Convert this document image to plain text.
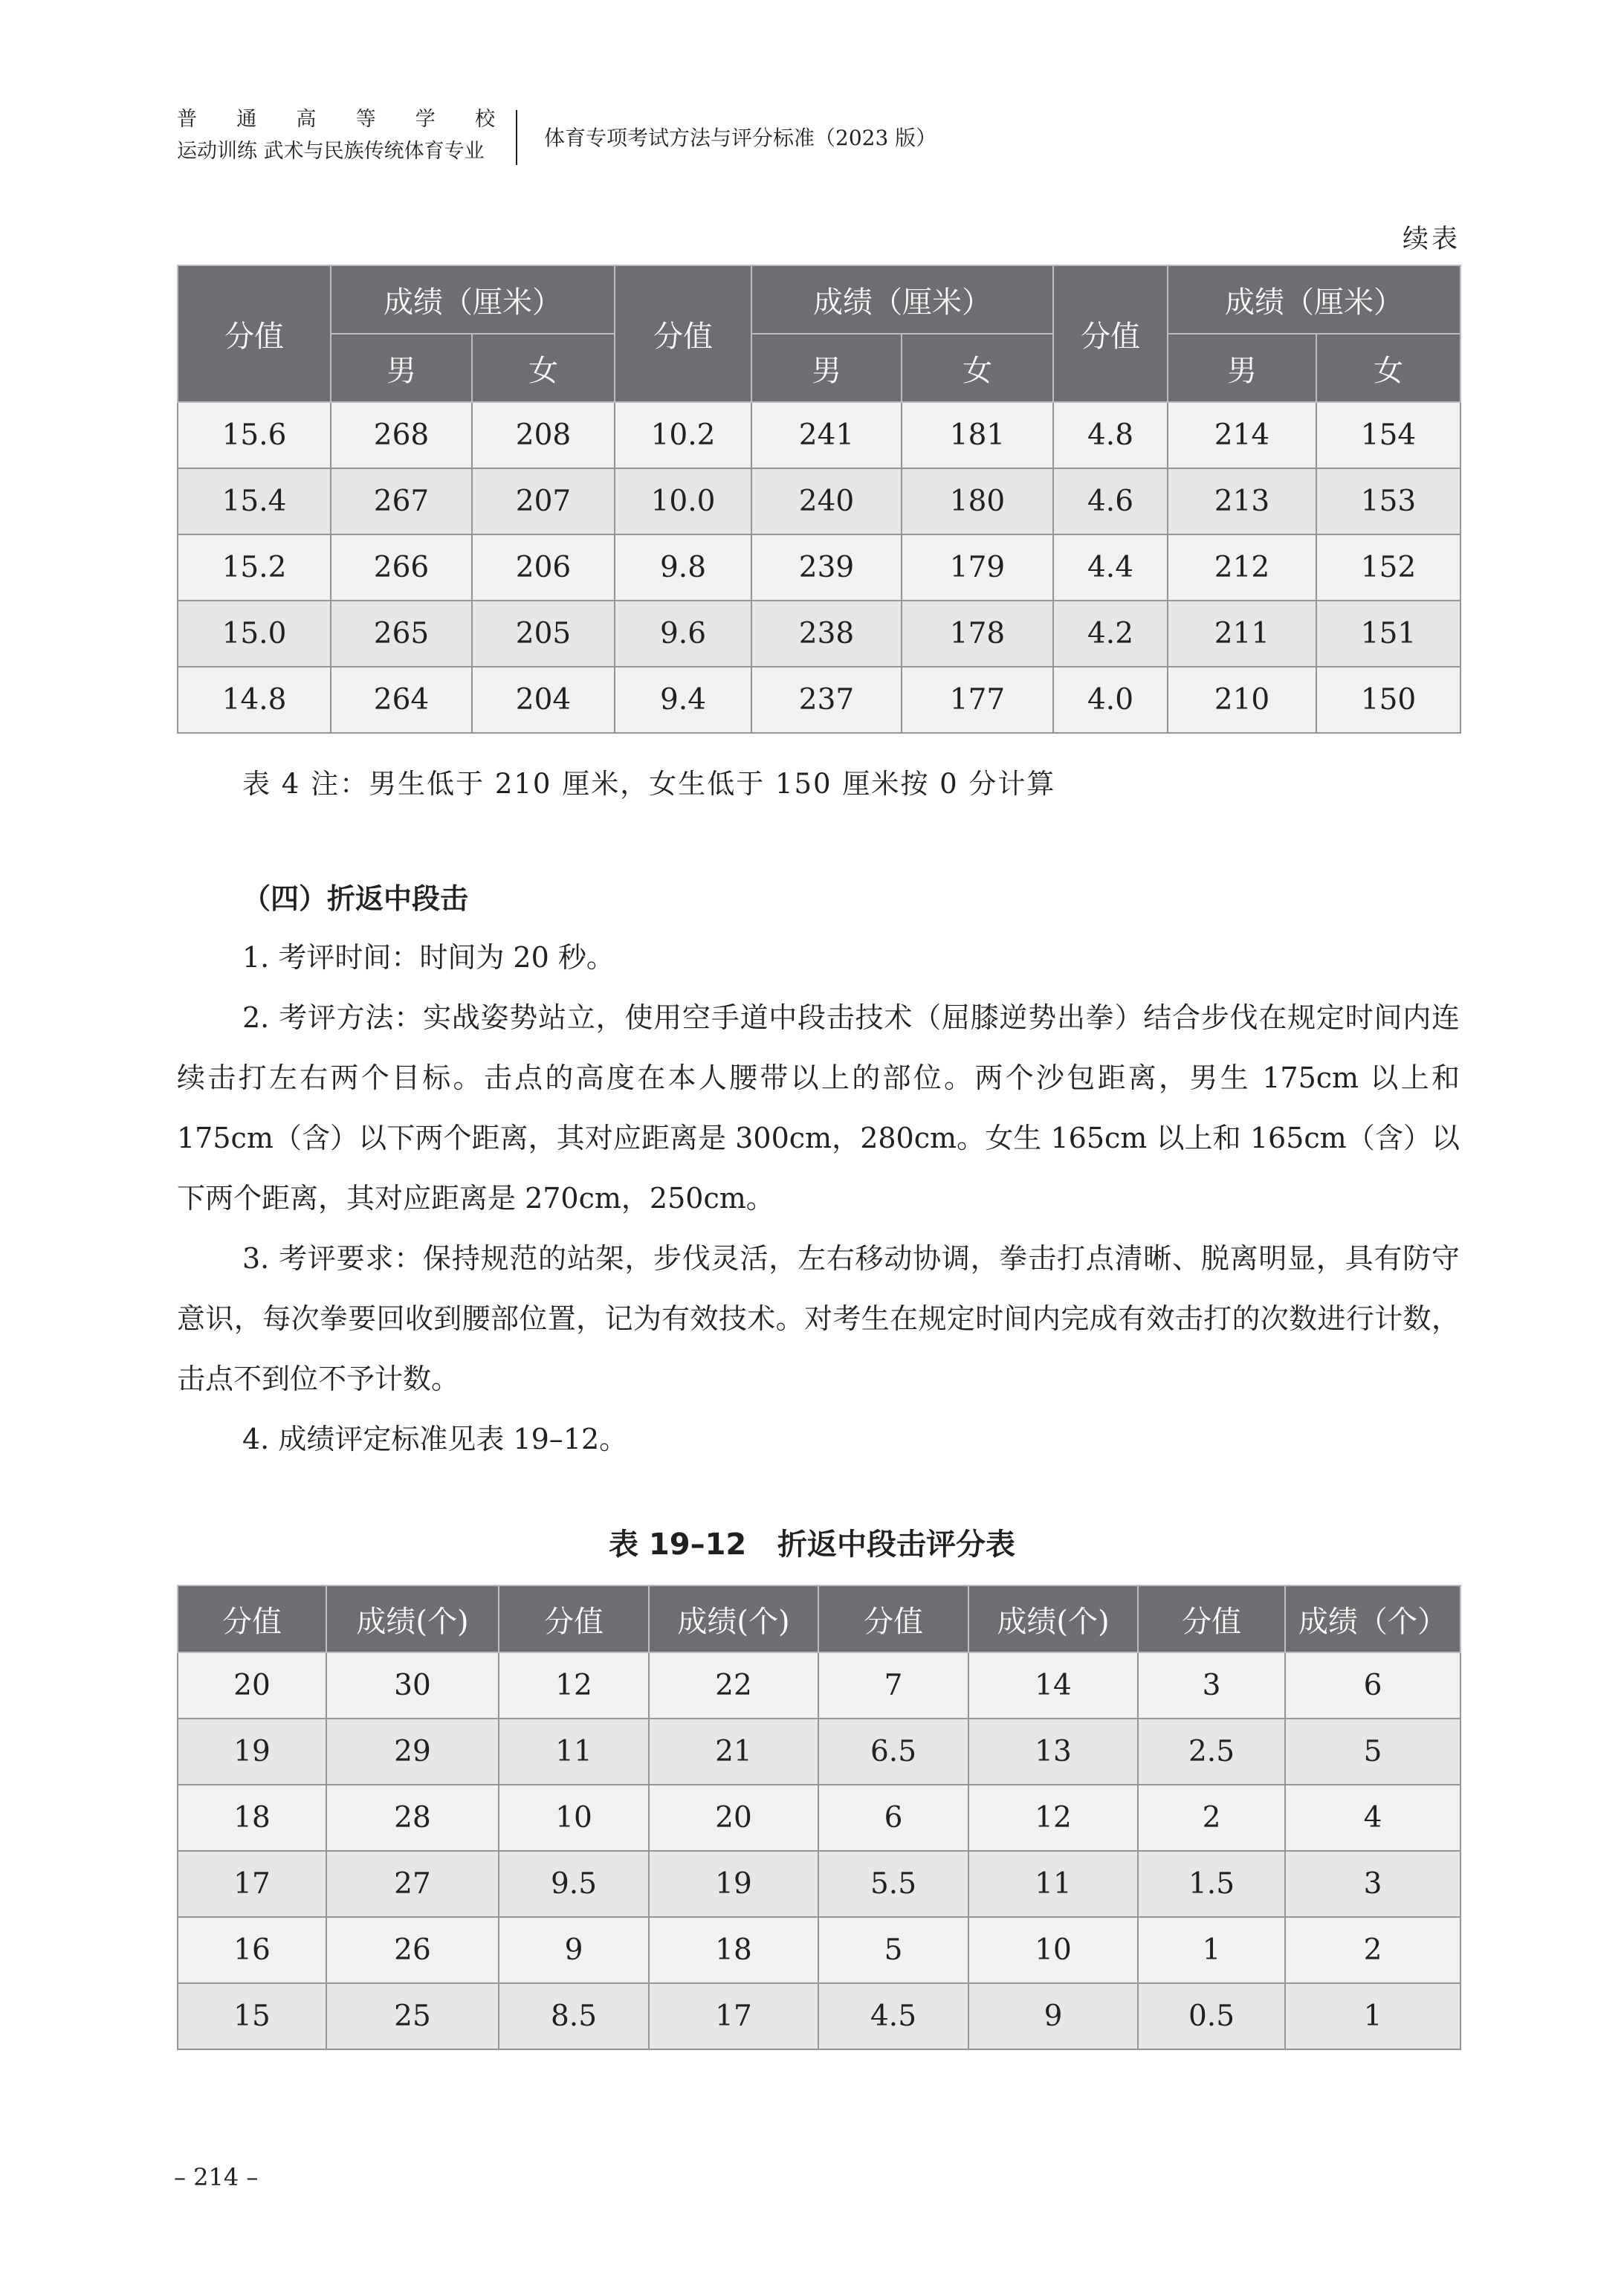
普 通 高 等 学 校
运动训练 武术与民族传统体育专业
体育专项考试方法与评分标准（2023 版）
续表
分值	成绩（厘米）		分值	成绩（厘米）		分值	成绩（厘米）	
	男	女		男	女		男	女
15.6	268	208	10.2	241	181	4.8	214	154
15.4	267	207	10.0	240	180	4.6	213	153
15.2	266	206	9.8	239	179	4.4	212	152
15.0	265	205	9.6	238	178	4.2	211	151
14.8	264	204	9.4	237	177	4.0	210	150
表 4 注：男生低于 210 厘米，女生低于 150 厘米按 0 分计算
（四）折返中段击

1. 考评时间：时间为 20 秒。

2. 考评方法：实战姿势站立，使用空手道中段击技术（屈膝逆势出拳）结合步伐在规定时间内连续击打左右两个目标。击点的高度在本人腰带以上的部位。两个沙包距离，男生 175cm 以上和 175cm（含）以下两个距离，其对应距离是 300cm，280cm。女生 165cm 以上和 165cm（含）以下两个距离，其对应距离是 270cm，250cm。

3. 考评要求：保持规范的站架，步伐灵活，左右移动协调，拳击打点清晰、脱离明显，具有防守意识，每次拳要回收到腰部位置，记为有效技术。对考生在规定时间内完成有效击打的次数进行计数，击点不到位不予计数。

4. 成绩评定标准见表 19–12。

表 19–12   折返中段击评分表
分值	成绩(个)	分值	成绩(个)	分值	成绩(个)	分值	成绩（个）
20	30	12	22	7	14	3	6
19	29	11	21	6.5	13	2.5	5
18	28	10	20	6	12	2	4
17	27	9.5	19	5.5	11	1.5	3
16	26	9	18	5	10	1	2
15	25	8.5	17	4.5	9	0.5	1
– 214 –
